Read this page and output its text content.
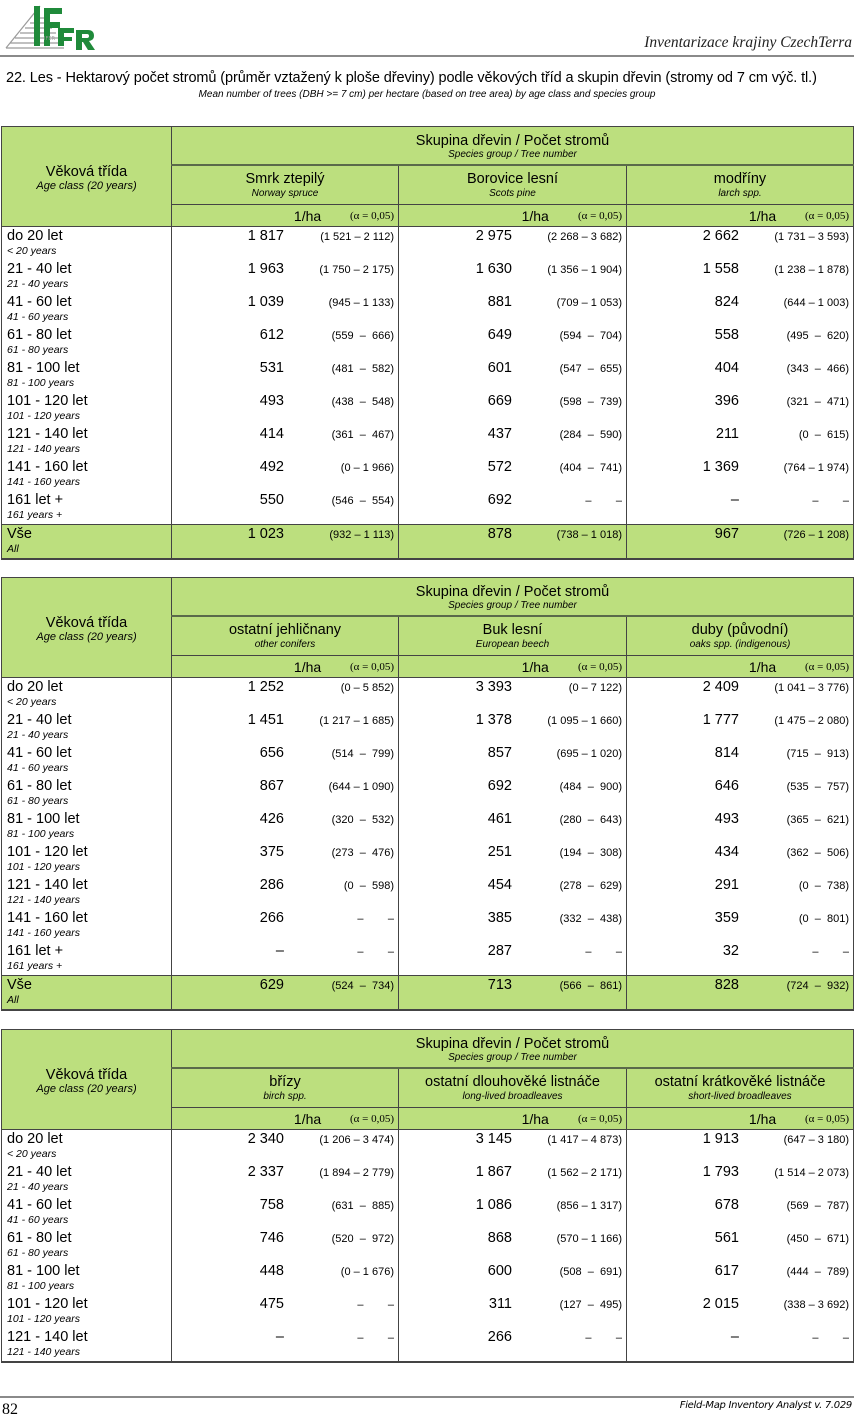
IFER	Inventarizace krajiny CzechTerra
22. Les - Hektarový počet stromů (průměr vztažený k ploše dřeviny) podle věkových tříd a skupin dřevin (stromy od 7 cm výč. tl.)
Mean number of trees (DBH >= 7 cm) per hectare (based on tree area) by age class and species group
Věková třída
Age class (20 years)	Skupina dřevin / Počet stromů
Species group / Tree number		

	Smrk ztepilý
Norway spruce	Borovice lesní
Scots pine	modříny
larch spp.

	1/ha (α = 0,05)	1/ha (α = 0,05)	1/ha (α = 0,05)

do 20 let
< 20 years	1 817 (1 521 – 2 112)	2 975 (2 268 – 3 682)	2 662 (1 731 – 3 593)

21 - 40 let
21 - 40 years	1 963 (1 750 – 2 175)	1 630 (1 356 – 1 904)	1 558 (1 238 – 1 878)

41 - 60 let
41 - 60 years	1 039 (945 – 1 133)	881 (709 – 1 053)	824 (644 – 1 003)

61 - 80 let
61 - 80 years	612 (559  –  666)	649 (594  –  704)	558 (495  –  620)

81 - 100 let
81 - 100 years	531 (481  –  582)	601 (547  –  655)	404 (343  –  466)

101 - 120 let
101 - 120 years	493 (438  –  548)	669 (598  –  739)	396 (321  –  471)

121 - 140 let
121 - 140 years	414 (361  –  467)	437 (284  –  590)	211 (0  –  615)

141 - 160 let
141 - 160 years	492 (0 – 1 966)	572 (404  –  741)	1 369 (764 – 1 974)

161 let +
161 years +	550 (546  –  554)	692 –        –	– –        –

Vše
All	1 023 (932 – 1 113)	878 (738 – 1 018)	967 (726 – 1 208)
Věková třída
Age class (20 years)	Skupina dřevin / Počet stromů
Species group / Tree number		

	ostatní jehličnany
other conifers	Buk lesní
European beech	duby (původní)
oaks spp. (indigenous)

	1/ha (α = 0,05)	1/ha (α = 0,05)	1/ha (α = 0,05)

do 20 let
< 20 years	1 252 (0 – 5 852)	3 393 (0 – 7 122)	2 409 (1 041 – 3 776)

21 - 40 let
21 - 40 years	1 451 (1 217 – 1 685)	1 378 (1 095 – 1 660)	1 777 (1 475 – 2 080)

41 - 60 let
41 - 60 years	656 (514  –  799)	857 (695 – 1 020)	814 (715  –  913)

61 - 80 let
61 - 80 years	867 (644 – 1 090)	692 (484  –  900)	646 (535  –  757)

81 - 100 let
81 - 100 years	426 (320  –  532)	461 (280  –  643)	493 (365  –  621)

101 - 120 let
101 - 120 years	375 (273  –  476)	251 (194  –  308)	434 (362  –  506)

121 - 140 let
121 - 140 years	286 (0  –  598)	454 (278  –  629)	291 (0  –  738)

141 - 160 let
141 - 160 years	266 –        –	385 (332  –  438)	359 (0  –  801)

161 let +
161 years +	– –        –	287 –        –	32 –        –

Vše
All	629 (524  –  734)	713 (566  –  861)	828 (724  –  932)
Věková třída
Age class (20 years)	Skupina dřevin / Počet stromů
Species group / Tree number		

	břízy
birch spp.	ostatní dlouhověké listnáče
long-lived broadleaves	ostatní krátkověké listnáče
short-lived broadleaves

	1/ha (α = 0,05)	1/ha (α = 0,05)	1/ha (α = 0,05)

do 20 let
< 20 years	2 340 (1 206 – 3 474)	3 145 (1 417 – 4 873)	1 913 (647 – 3 180)

21 - 40 let
21 - 40 years	2 337 (1 894 – 2 779)	1 867 (1 562 – 2 171)	1 793 (1 514 – 2 073)

41 - 60 let
41 - 60 years	758 (631  –  885)	1 086 (856 – 1 317)	678 (569  –  787)

61 - 80 let
61 - 80 years	746 (520  –  972)	868 (570 – 1 166)	561 (450  –  671)

81 - 100 let
81 - 100 years	448 (0 – 1 676)	600 (508  –  691)	617 (444  –  789)

101 - 120 let
101 - 120 years	475 –        –	311 (127  –  495)	2 015 (338 – 3 692)

121 - 140 let
121 - 140 years	– –        –	266 –        –	– –        –
82	Field-Map Inventory Analyst v. 7.029
